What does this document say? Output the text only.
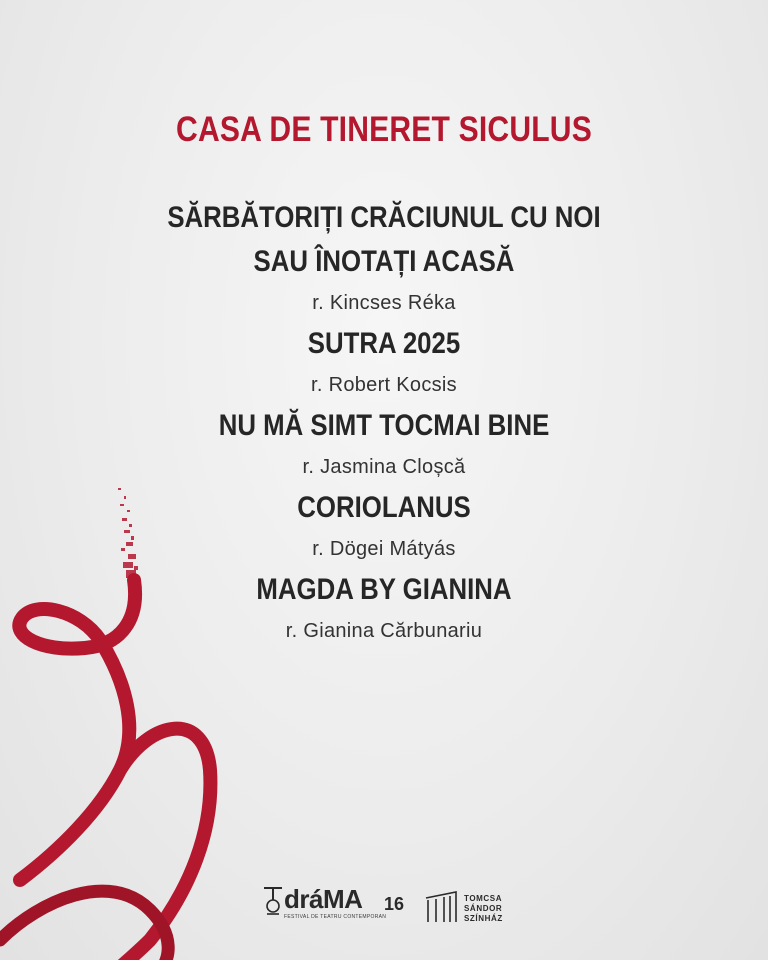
CASA DE TINERET SICULUS
SĂRBĂTORIȚI CRĂCIUNUL CU NOI
SAU ÎNOTAȚI ACASĂ
r. Kincses Réka
SUTRA 2025
r. Robert Kocsis
NU MĂ SIMT TOCMAI BINE
r. Jasmina Cloșcă
CORIOLANUS
r. Dögei Mátyás
MAGDA BY GIANINA
r. Gianina Cărbunariu
dráMA 16
FESTIVAL DE TEATRU CONTEMPORAN
TOMCSA
SÁNDOR
SZÍNHÁZ
